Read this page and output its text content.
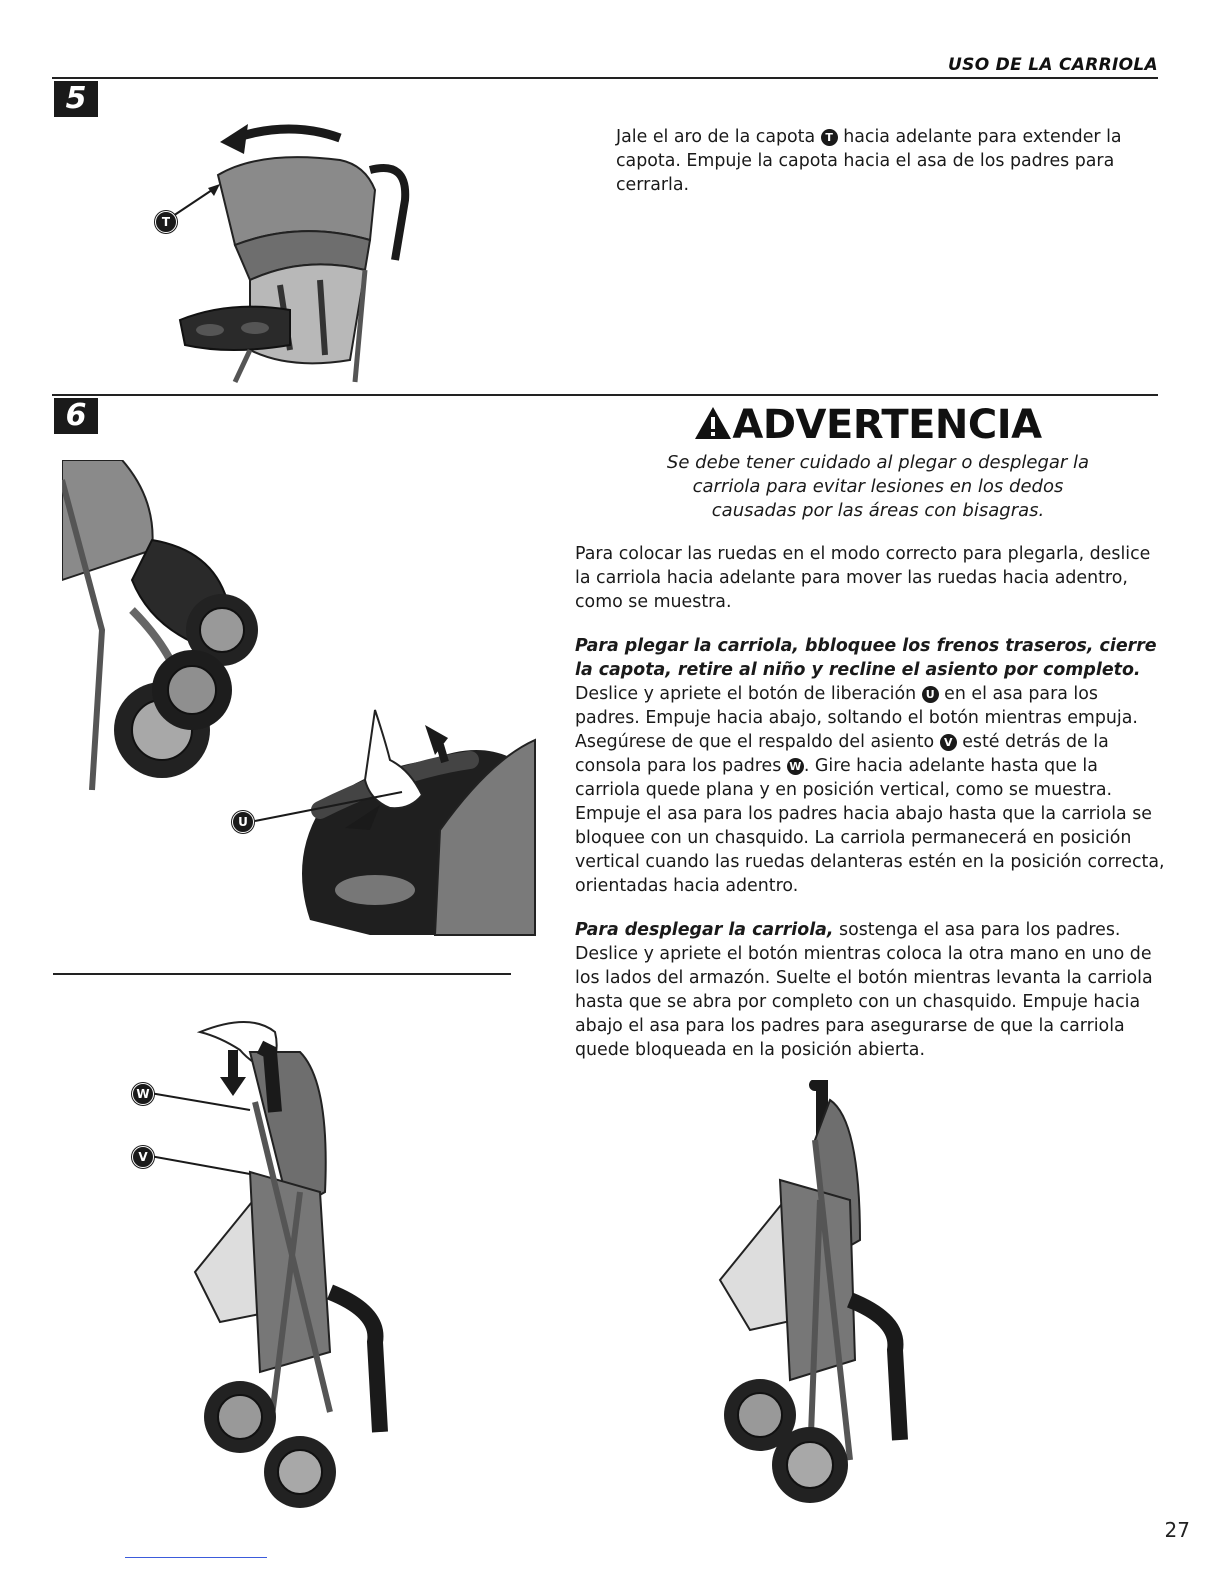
USO DE LA CARRIOLA
5
T
Jale el aro de la capota T hacia adelante para extender la capota. Empuje la capota hacia el asa de los padres para cerrarla.
6
U
W
V
ADVERTENCIA
Se debe tener cuidado al plegar o desplegar la carriola para evitar lesiones en los dedos causadas por las áreas con bisagras.

Para colocar las ruedas en el modo correcto para plegarla, deslice la carriola hacia adelante para mover las ruedas hacia adentro, como se muestra.

Para plegar la carriola, bbloquee los frenos traseros, cierre la capota, retire al niño y recline el asiento por completo.
Deslice y apriete el botón de liberación U en el asa para los padres. Empuje hacia abajo, soltando el botón mientras empuja. Asegúrese de que el respaldo del asiento V esté detrás de la consola para los padres W . Gire hacia adelante hasta que la carriola quede plana y en posición vertical, como se muestra. Empuje el asa para los padres hacia abajo hasta que la carriola se bloquee con un chasquido. La carriola permanecerá en posición vertical cuando las ruedas delanteras estén en la posición correcta, orientadas hacia adentro.

Para desplegar la carriola, sostenga el asa para los padres. Deslice y apriete el botón mientras coloca la otra mano en uno de los lados del armazón. Suelte el botón mientras levanta la carriola hasta que se abra por completo con un chasquido. Empuje hacia abajo el asa para los padres para asegurarse de que la carriola quede bloqueada en la posición abierta.

27
